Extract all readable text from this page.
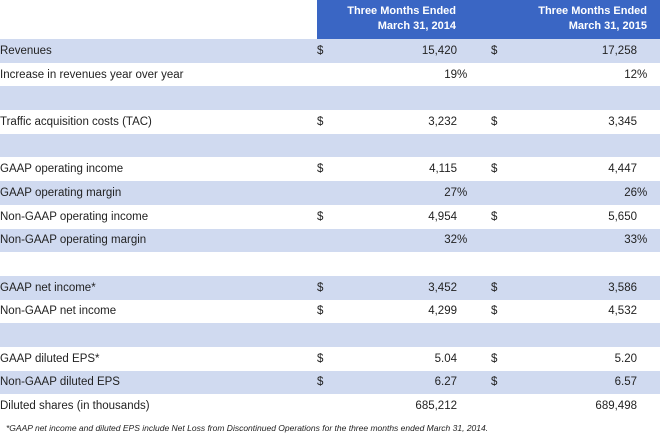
Three Months Ended
March 31, 2014
Three Months Ended
March 31, 2015
Revenues	$	15,420		$	17,258	
Increase in revenues year over year		19	%		12	%

Traffic acquisition costs (TAC)	$	3,232		$	3,345	

GAAP operating income	$	4,115		$	4,447	
GAAP operating margin		27	%		26	%
Non-GAAP operating income	$	4,954		$	5,650	
Non-GAAP operating margin		32	%		33	%

GAAP net income*	$	3,452		$	3,586	
Non-GAAP net income	$	4,299		$	4,532	

GAAP diluted EPS*	$	5.04		$	5.20	
Non-GAAP diluted EPS	$	6.27		$	6.57	
Diluted shares (in thousands)		685,212			689,498	
*GAAP net income and diluted EPS include Net Loss from Discontinued Operations for the three months ended March 31, 2014.
